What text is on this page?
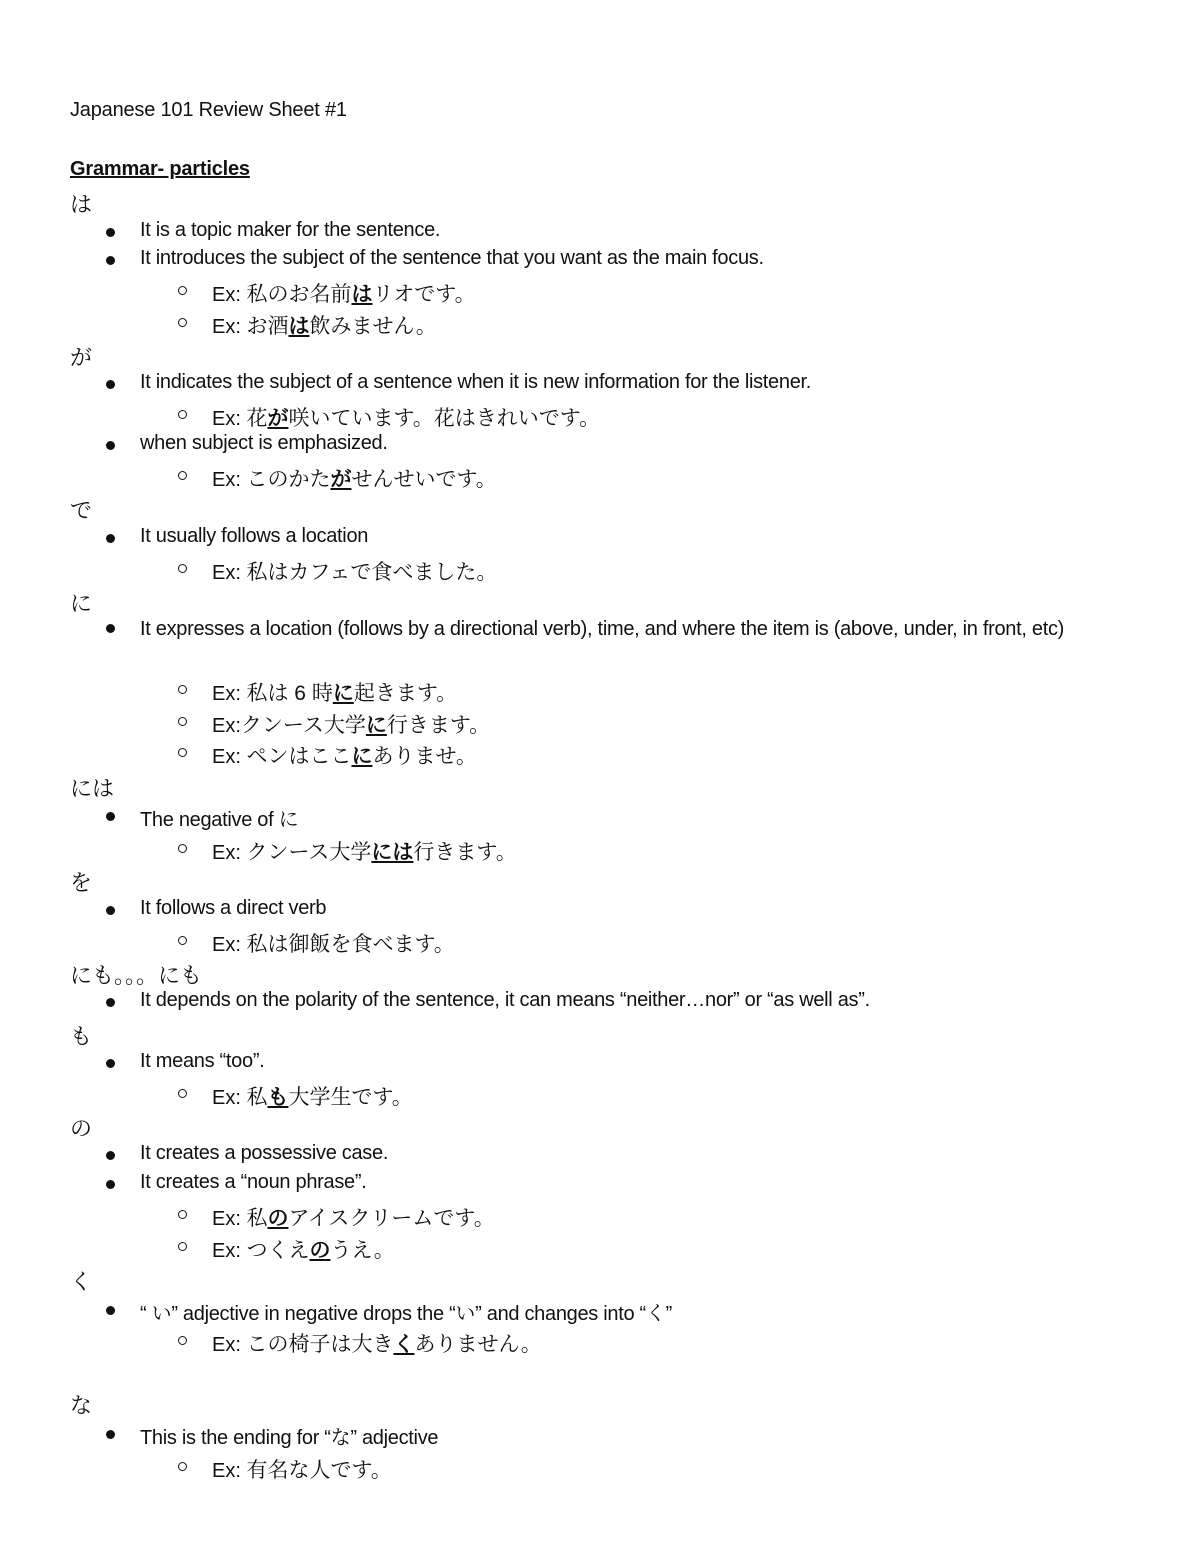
Japanese 101 Review Sheet #1
Grammar- particles
は
It is a topic maker for the sentence.
It introduces the subject of the sentence that you want as the main focus.
Ex: 私のお名前はリオです。
Ex: お酒は飲みません。
が
It indicates the subject of a sentence when it is new information for the listener.
Ex: 花が咲いています。花はきれいです。
when subject is emphasized.
Ex: このかたがせんせいです。
で
It usually follows a location
Ex: 私はカフェで食べました。
に
It expresses a location (follows by a directional verb), time, and where the item is (above, under, in front, etc)
Ex: 私は 6 時に起きます。
Ex:クンース大学に行きます。
Ex: ペンはここにありませ。
には
The negative of に
Ex: クンース大学には行きます。
を
It follows a direct verb
Ex: 私は御飯を食べます。
にも。。。にも
It depends on the polarity of the sentence, it can means “neither…nor” or “as well as”.
も
It means “too”.
Ex: 私も大学生です。
の
It creates a possessive case.
It creates a “noun phrase”.
Ex: 私のアイスクリームです。
Ex: つくえのうえ。
く
“ い” adjective in negative drops the “い” and changes into “く”
Ex: この椅子は大きくありません。
な
This is the ending for “な” adjective
Ex: 有名な人です。
